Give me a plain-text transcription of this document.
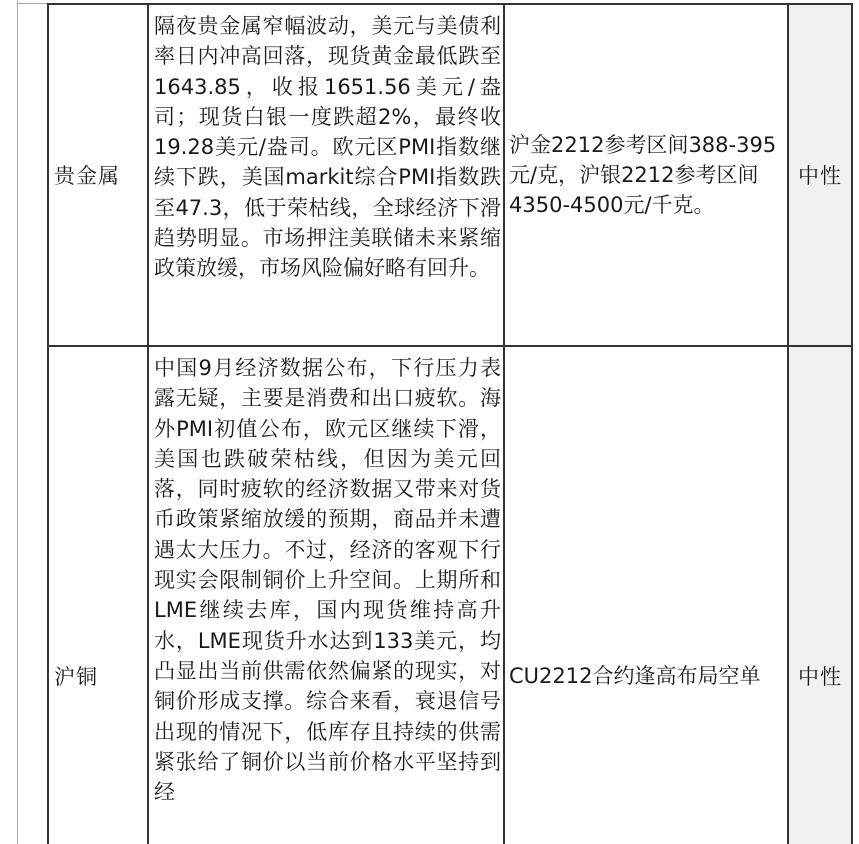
贵金属
隔夜贵金属窄幅波动，美元与美债利率日内冲高回落，现货黄金最低跌至1643.85，收报1651.56美元/盎司；现货白银一度跌超2%，最终收19.28美元/盎司。欧元区PMI指数继续下跌，美国markit综合PMI指数跌至47.3，低于荣枯线，全球经济下滑趋势明显。市场押注美联储未来紧缩政策放缓，市场风险偏好略有回升。
沪金2212参考区间388-395元/克，沪银2212参考区间4350-4500元/千克。
中性
沪铜
中国9月经济数据公布，下行压力表露无疑，主要是消费和出口疲软。海外PMI初值公布，欧元区继续下滑，美国也跌破荣枯线，但因为美元回落，同时疲软的经济数据又带来对货币政策紧缩放缓的预期，商品并未遭遇太大压力。不过，经济的客观下行现实会限制铜价上升空间。上期所和LME继续去库，国内现货维持高升水，LME现货升水达到133美元，均凸显出当前供需依然偏紧的现实，对铜价形成支撑。综合来看，衰退信号出现的情况下，低库存且持续的供需紧张给了铜价以当前价格水平坚持到经
CU2212合约逢高布局空单 中性
